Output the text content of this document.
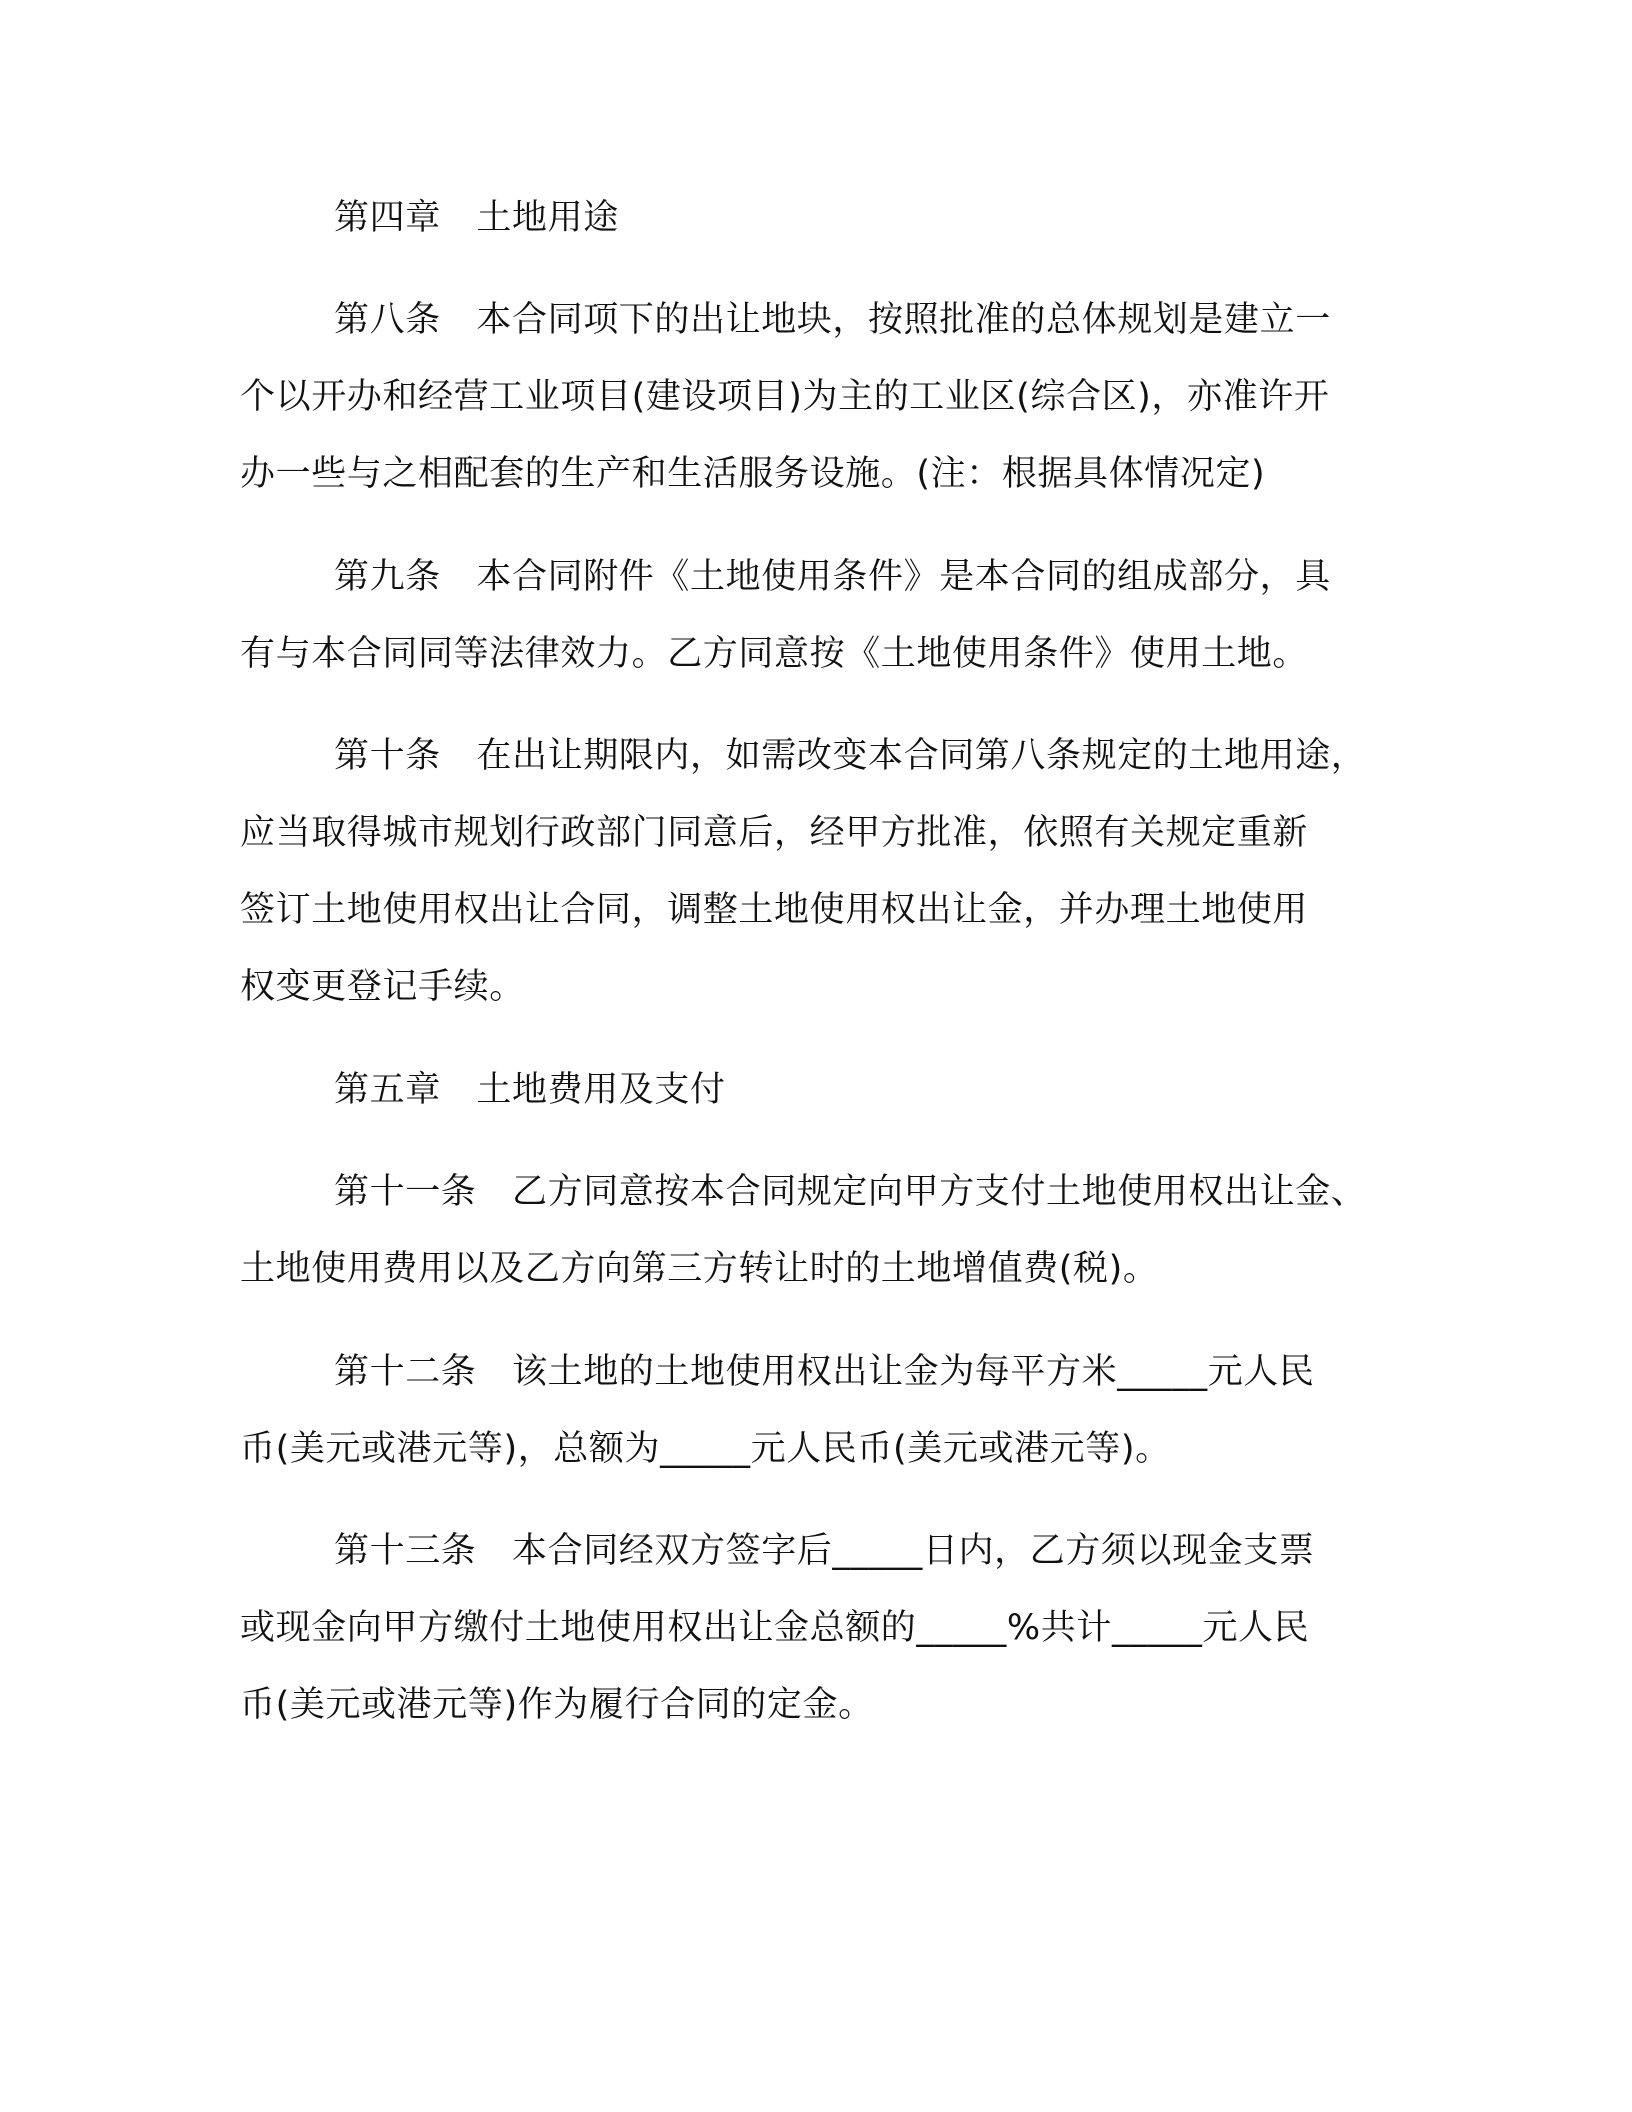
第四章　土地用途
第八条　本合同项下的出让地块，按照批准的总体规划是建立一
个以开办和经营工业项目(建设项目)为主的工业区(综合区)，亦准许开
办一些与之相配套的生产和生活服务设施。(注：根据具体情况定)
第九条　本合同附件《土地使用条件》是本合同的组成部分，具
有与本合同同等法律效力。乙方同意按《土地使用条件》使用土地。
第十条　在出让期限内，如需改变本合同第八条规定的土地用途，
应当取得城市规划行政部门同意后，经甲方批准，依照有关规定重新
签订土地使用权出让合同，调整土地使用权出让金，并办理土地使用
权变更登记手续。
第五章　土地费用及支付
第十一条　乙方同意按本合同规定向甲方支付土地使用权出让金、
土地使用费用以及乙方向第三方转让时的土地增值费(税)。
第十二条　该土地的土地使用权出让金为每平方米_____元人民
币(美元或港元等)，总额为_____元人民币(美元或港元等)。
第十三条　本合同经双方签字后_____日内，乙方须以现金支票
或现金向甲方缴付土地使用权出让金总额的_____%共计_____元人民
币(美元或港元等)作为履行合同的定金。
